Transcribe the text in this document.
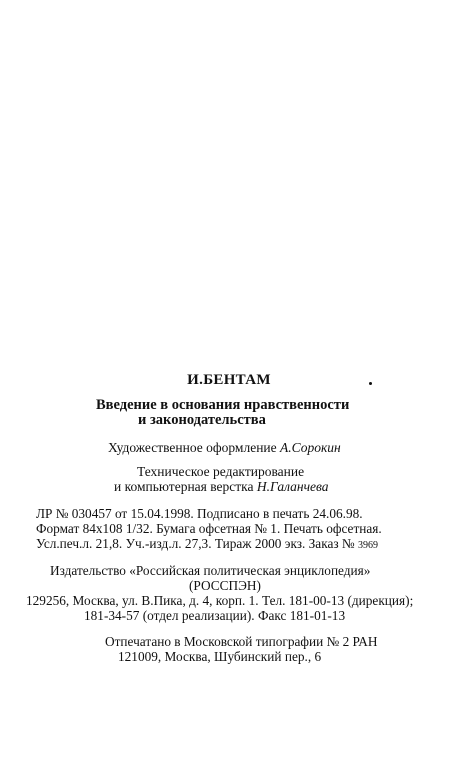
И.БЕНТАМ
Введение в основания нравственности
и законодательства
Художественное оформление А.Сорокин
Техническое редактирование
и компьютерная верстка Н.Галанчева
ЛР № 030457 от 15.04.1998. Подписано в печать 24.06.98.
Формат 84x108 1/32. Бумага офсетная № 1. Печать офсетная.
Усл.печ.л. 21,8. Уч.-изд.л. 27,3. Тираж 2000 экз. Заказ № 3969
Издательство «Российская политическая энциклопедия»
(РОССПЭН)
129256, Москва, ул. В.Пика, д. 4, корп. 1. Тел. 181-00-13 (дирекция);
181-34-57 (отдел реализации). Факс 181-01-13
Отпечатано в Московской типографии № 2 РАН
121009, Москва, Шубинский пер., 6
